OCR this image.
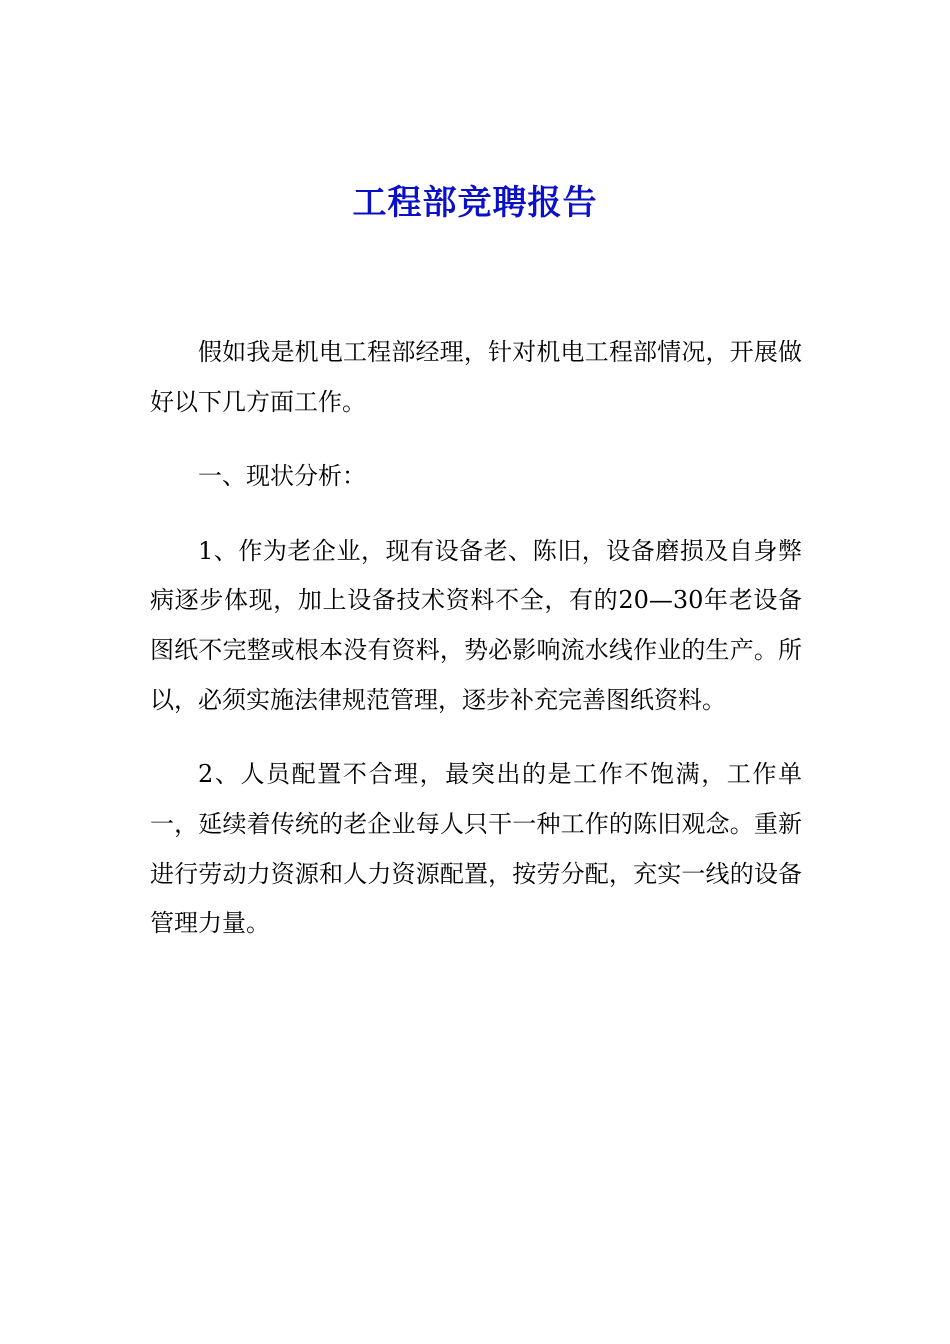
工程部竞聘报告

假如我是机电工程部经理，针对机电工程部情况，开展做好以下几方面工作。

一、现状分析：

1、作为老企业，现有设备老、陈旧，设备磨损及自身弊病逐步体现，加上设备技术资料不全，有的20—30年老设备图纸不完整或根本没有资料，势必影响流水线作业的生产。所以，必须实施法律规范管理，逐步补充完善图纸资料。

2、人员配置不合理，最突出的是工作不饱满，工作单一，延续着传统的老企业每人只干一种工作的陈旧观念。重新进行劳动力资源和人力资源配置，按劳分配，充实一线的设备管理力量。
